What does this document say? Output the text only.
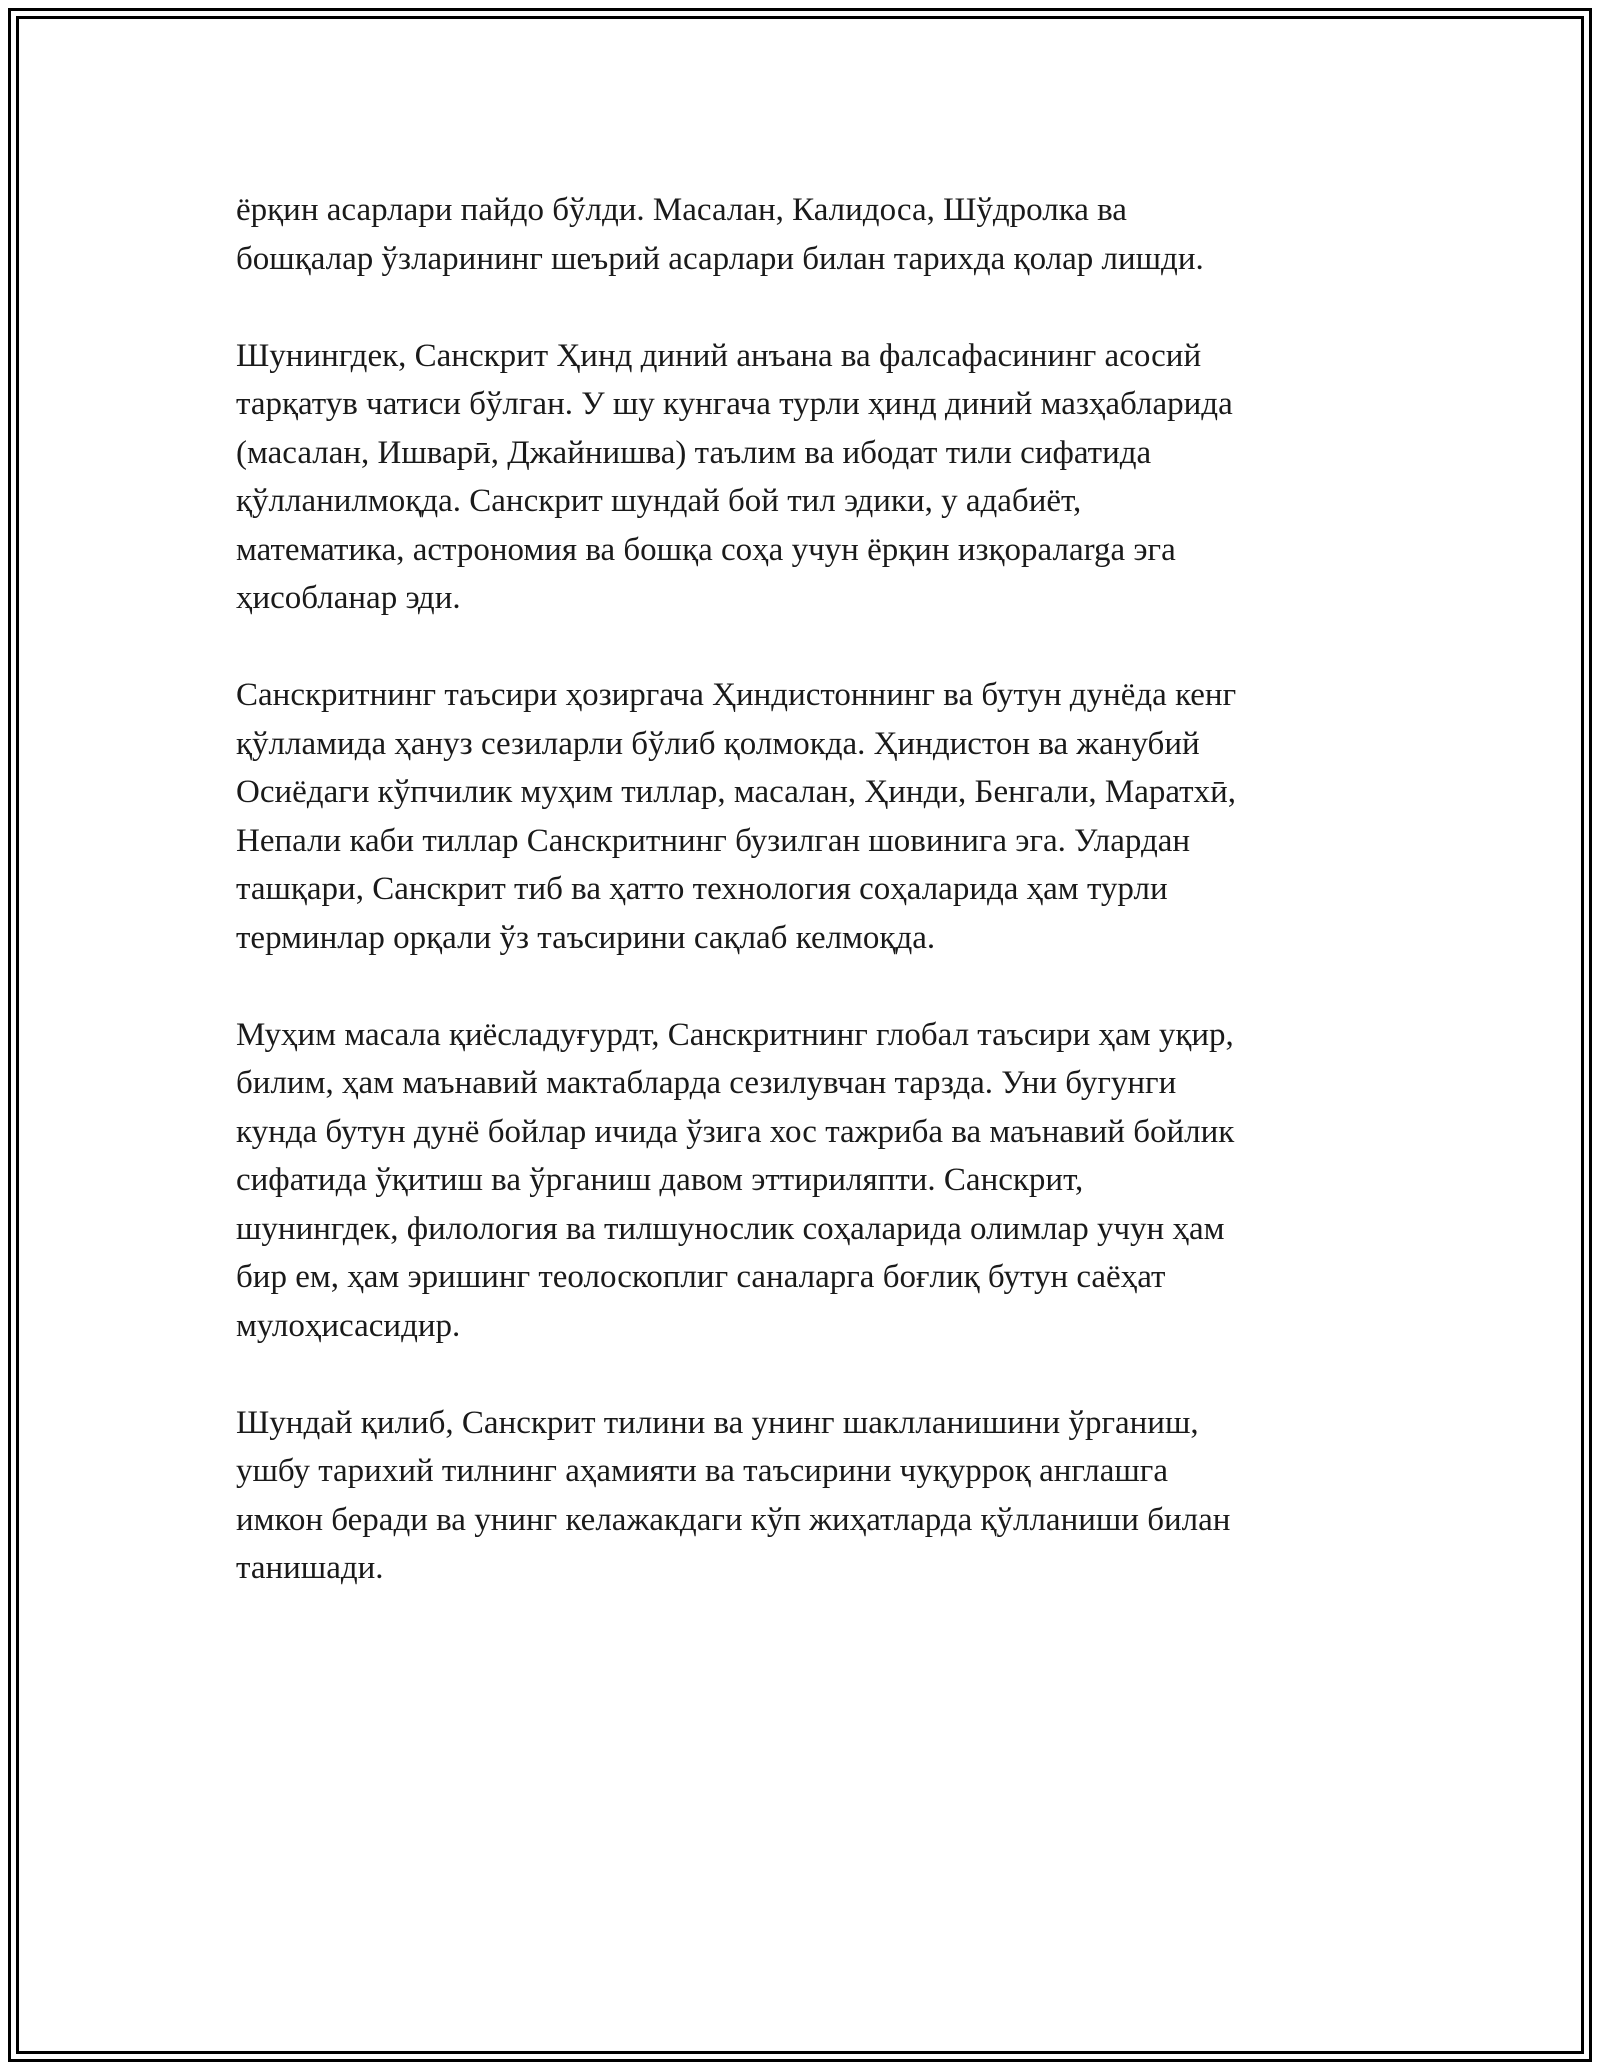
ёрқин асарлари пайдо бўлди. Масалан, Калидоса, Шўдролка ва
бошқалар ўзларининг шеърий асарлари билан тарихда қолар лишди.

Шунингдек, Санскрит Ҳинд диний анъана ва фалсафасининг асосий
тарқатув чатиси бўлган. У шу кунгача турли ҳинд диний мазҳабларида
(масалан, Ишварӣ, Джайнишва) таълим ва ибодат тили сифатида
қўлланилмоқда. Санскрит шундай бой тил эдики, у адабиёт,
математика, астрономия ва бошқа соҳа учун ёрқин изқоралarga эга
ҳисобланар эди.

Санскритнинг таъсири ҳозиргача Ҳиндистоннинг ва бутун дунёда кенг
қўлламида ҳануз сезиларли бўлиб қолмокда. Ҳиндистон ва жанубий
Осиёдаги кўпчилик муҳим тиллар, масалан, Ҳинди, Бенгали, Маратхӣ,
Непали каби тиллар Санскритнинг бузилган шовинига эга. Улардан
ташқари, Санскрит тиб ва ҳатто технология соҳаларида ҳам турли
терминлар орқали ўз таъсирини сақлаб келмоқда.

Муҳим масала қиёсладуғурдт, Санскритнинг глобал таъсири ҳам уқир,
билим, ҳам маънавий мактабларда сезилувчан тарзда. Уни бугунги
кунда бутун дунё бойлар ичида ўзига хос тажриба ва маънавий бойлик
сифатида ўқитиш ва ўрганиш давом эттириляпти. Санскрит,
шунингдек, филология ва тилшунослик соҳаларида олимлар учун ҳам
бир ем, ҳам эришинг теолоскоплиг саналарга боғлиқ бутун саёҳат
мулоҳисасидир.

Шундай қилиб, Санскрит тилини ва унинг шаклланишини ўрганиш,
ушбу тарихий тилнинг аҳамияти ва таъсирини чуқурроқ англашга
имкон беради ва унинг келажакдаги кўп жиҳатларда қўлланиши билан
танишади.
